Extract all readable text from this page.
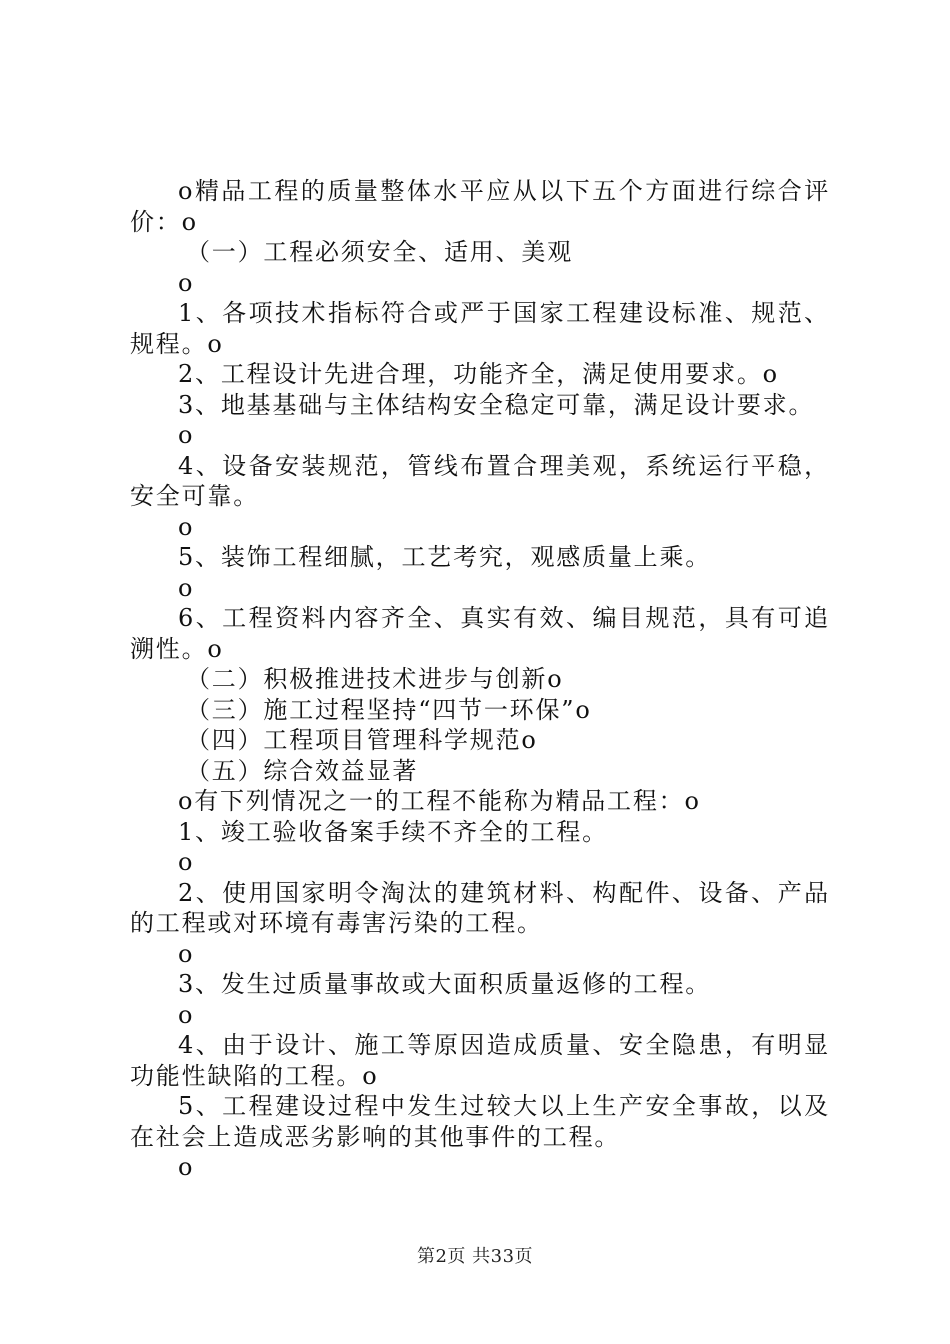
o精品工程的质量整体水平应从以下五个方面进行综合评价：o

（一）工程必须安全、适用、美观

o

1、各项技术指标符合或严于国家工程建设标准、规范、规程。o

2、工程设计先进合理，功能齐全，满足使用要求。o

3、地基基础与主体结构安全稳定可靠，满足设计要求。

o

4、设备安装规范，管线布置合理美观，系统运行平稳，安全可靠。

o

5、装饰工程细腻，工艺考究，观感质量上乘。

o

6、工程资料内容齐全、真实有效、编目规范，具有可追溯性。o

（二）积极推进技术进步与创新o

（三）施工过程坚持“四节一环保”o

（四）工程项目管理科学规范o

（五）综合效益显著

o有下列情况之一的工程不能称为精品工程：o

1、竣工验收备案手续不齐全的工程。

o

2、使用国家明令淘汰的建筑材料、构配件、设备、产品的工程或对环境有毒害污染的工程。

o

3、发生过质量事故或大面积质量返修的工程。

o

4、由于设计、施工等原因造成质量、安全隐患，有明显功能性缺陷的工程。o

5、工程建设过程中发生过较大以上生产安全事故，以及在社会上造成恶劣影响的其他事件的工程。

o

第2页 共33页
